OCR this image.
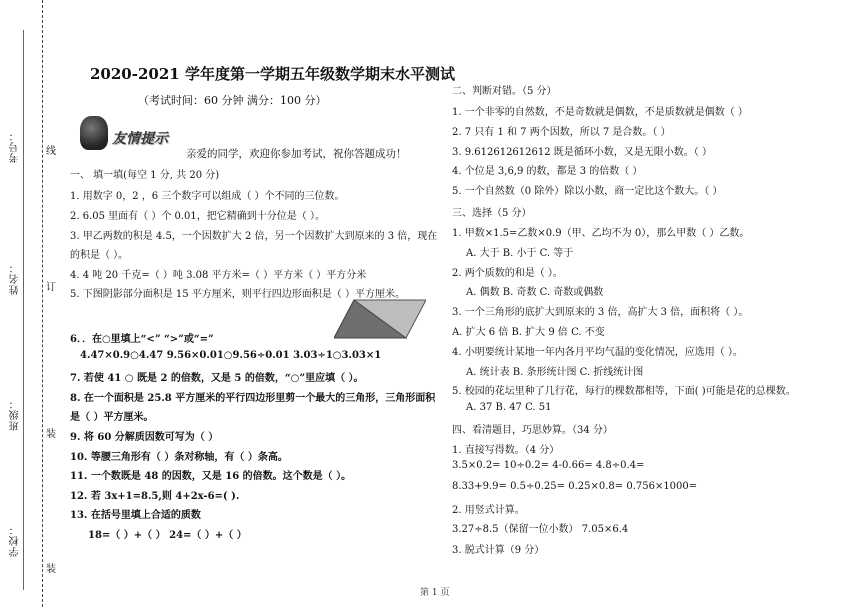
考号：
姓名：
班级：
学校：
线
订
装
装
2020-2021 学年度第一学期五年级数学期末水平测试
（考试时间：60 分钟 满分：100 分）
友情提示
亲爱的同学，欢迎你参加考试，祝你答题成功！
一、 填一填(每空 1 分, 共 20 分)
1. 用数字 0，2 ，6 三个数字可以组成（ ）个不同的三位数。
2. 6.05 里面有（ ）个 0.01，把它精确到十分位是（ ）。
3. 甲乙两数的积是 4.5，一个因数扩大 2 倍，另一个因数扩大到原来的 3 倍，现在
的积是（ ）。
4. 4 吨 20 千克=（ ）吨 3.08 平方米=（ ）平方米（ ）平方分米
5. 下图阴影部分面积是 15 平方厘米，则平行四边形面积是（ ）平方厘米。
6．．在○里填上“<” “>”或“=”
4.47×0.9○4.47 9.56×0.01○9.56÷0.01 3.03÷1○3.03×1
7. 若使 41 ○ 既是 2 的倍数，又是 5 的倍数，“○”里应填（ ）。
8. 在一个面积是 25.8 平方厘米的平行四边形里剪一个最大的三角形，三角形面积
是（ ）平方厘米。
9. 将 60 分解质因数可写为（ ）
10. 等腰三角形有（ ）条对称轴，有（ ）条高。
11. 一个数既是 48 的因数，又是 16 的倍数。这个数是（ ）。
12. 若 3x+1=8.5,则 4+2x-6=( ).
13. 在括号里填上合适的质数
18=（ ）+（ ） 24=（ ）+（ ）
二、判断对错。（5 分）
1. 一个非零的自然数，不是奇数就是偶数，不是质数就是偶数（ ）
2. 7 只有 1 和 7 两个因数，所以 7 是合数。（ ）
3. 9.612612612612 既是循环小数，又是无限小数。（ ）
4. 个位是 3,6,9 的数，都是 3 的倍数（ ）
5. 一个自然数（0 除外）除以小数，商一定比这个数大。（ ）
三、选择（5 分）
1. 甲数×1.5=乙数×0.9（甲、乙均不为 0），那么甲数（ ）乙数。
A. 大于 B. 小于 C. 等于
2. 两个质数的和是（ ）。
A. 偶数 B. 奇数 C. 奇数或偶数
3. 一个三角形的底扩大到原来的 3 倍，高扩大 3 倍，面积将（ ）。
A. 扩大 6 倍 B. 扩大 9 倍 C. 不变
4. 小明要统计某地一年内各月平均气温的变化情况，应选用（ ）。
A. 统计表 B. 条形统计图 C. 折线统计图
5. 校园的花坛里种了几行花，每行的棵数都相等，下面( )可能是花的总棵数。
A. 37 B. 47 C. 51
四、看清题目，巧思妙算。（34 分）
1. 直接写得数。（4 分）
3.5×0.2= 10÷0.2= 4-0.66= 4.8÷0.4=
8.33+9.9= 0.5÷0.25= 0.25×0.8= 0.756×1000=
2. 用竖式计算。
3.27÷8.5（保留一位小数） 7.05×6.4
3. 脱式计算（9 分）
第 1 页
